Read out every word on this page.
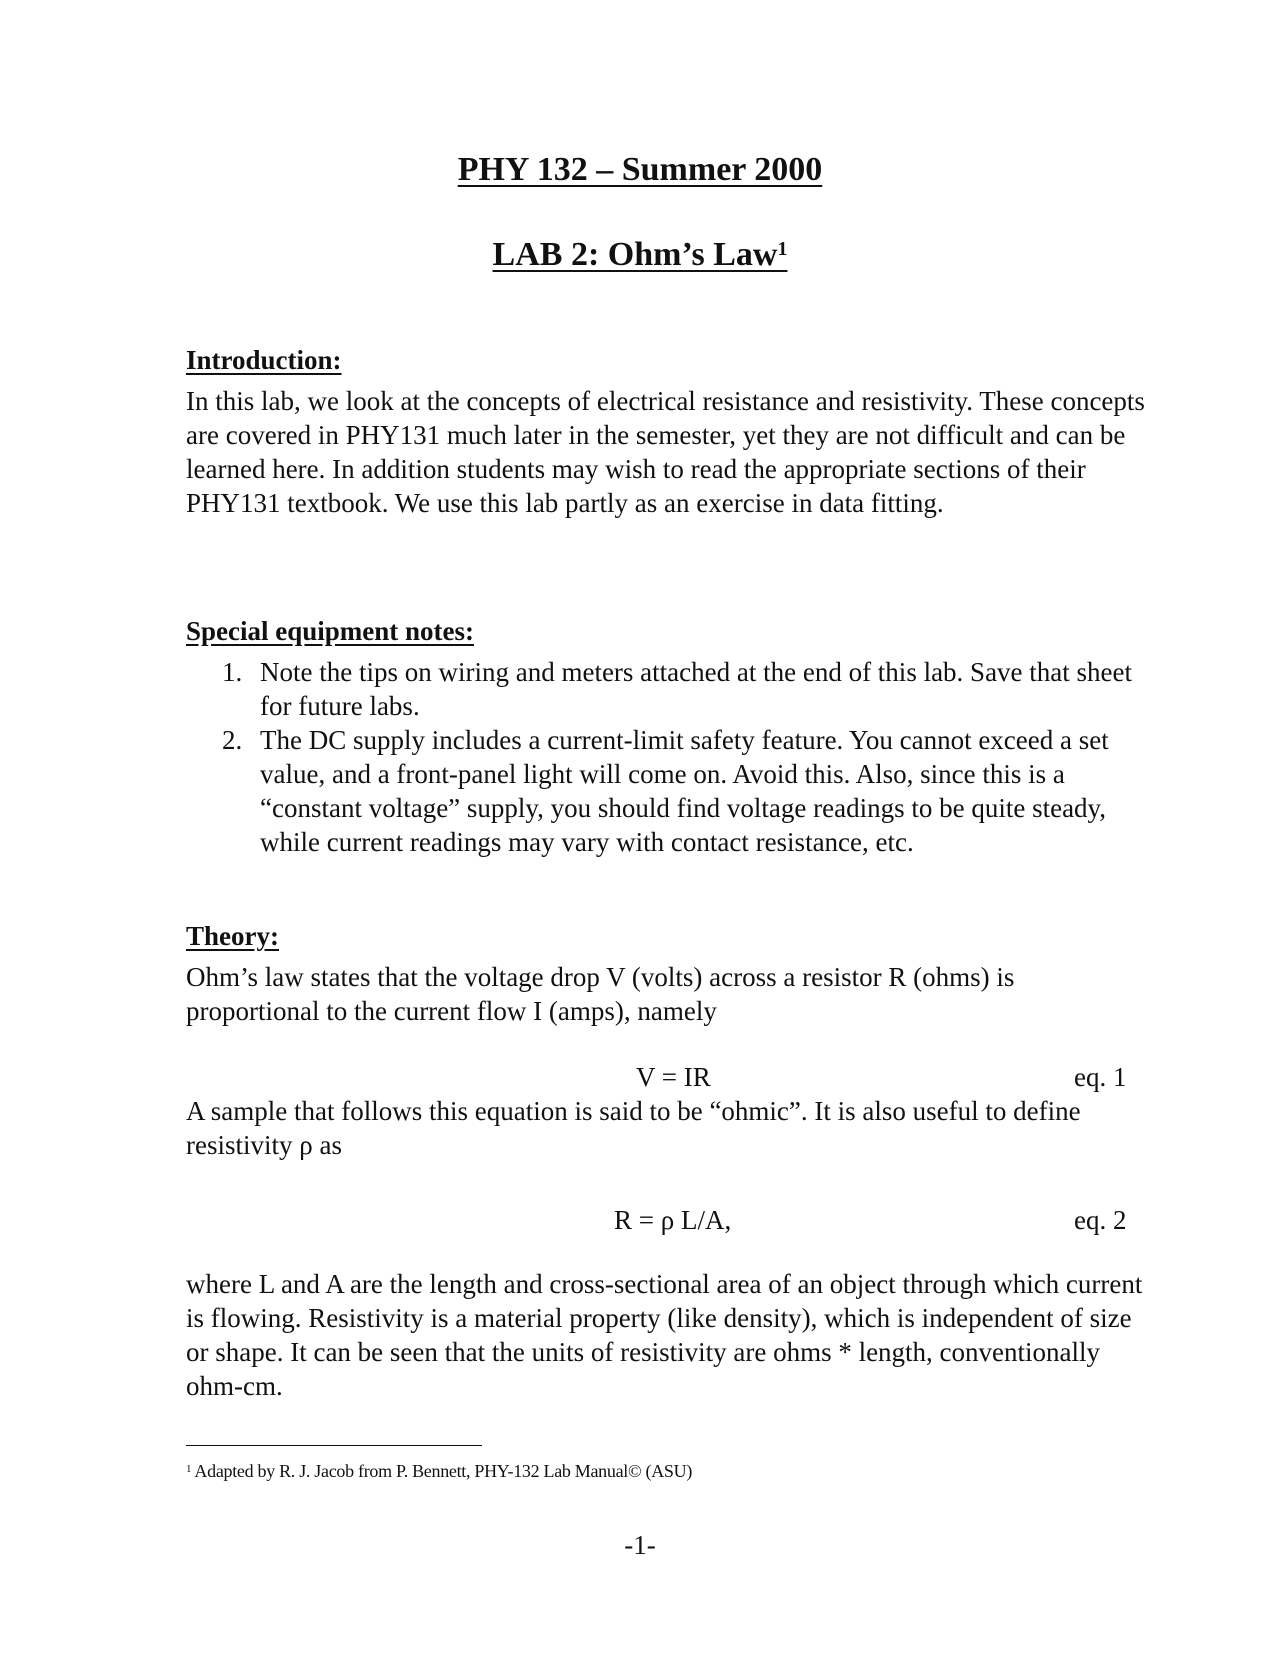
PHY 132 – Summer 2000
LAB 2: Ohm’s Law$^1$
Introduction:

In this lab, we look at the concepts of electrical resistance and resistivity. These concepts are covered in PHY131 much later in the semester, yet they are not difficult and can be learned here. In addition students may wish to read the appropriate sections of their PHY131 textbook. We use this lab partly as an exercise in data fitting.

Special equipment notes:
1. Note the tips on wiring and meters attached at the end of this lab. Save that sheet for future labs.
2. The DC supply includes a current-limit safety feature. You cannot exceed a set value, and a front-panel light will come on. Avoid this. Also, since this is a “constant voltage” supply, you should find voltage readings to be quite steady, while current readings may vary with contact resistance, etc.
Theory:

Ohm’s law states that the voltage drop V (volts) across a resistor R (ohms) is proportional to the current flow I (amps), namely

V = IR	eq. 1

A sample that follows this equation is said to be “ohmic”. It is also useful to define resistivity ρ as

R = ρ L/A,	eq. 2

where L and A are the length and cross-sectional area of an object through which current is flowing. Resistivity is a material property (like density), which is independent of size or shape. It can be seen that the units of resistivity are ohms * length, conventionally ohm-cm.

$^1$ Adapted by R. J. Jacob from P. Bennett, PHY-132 Lab Manual© (ASU)
-1-
